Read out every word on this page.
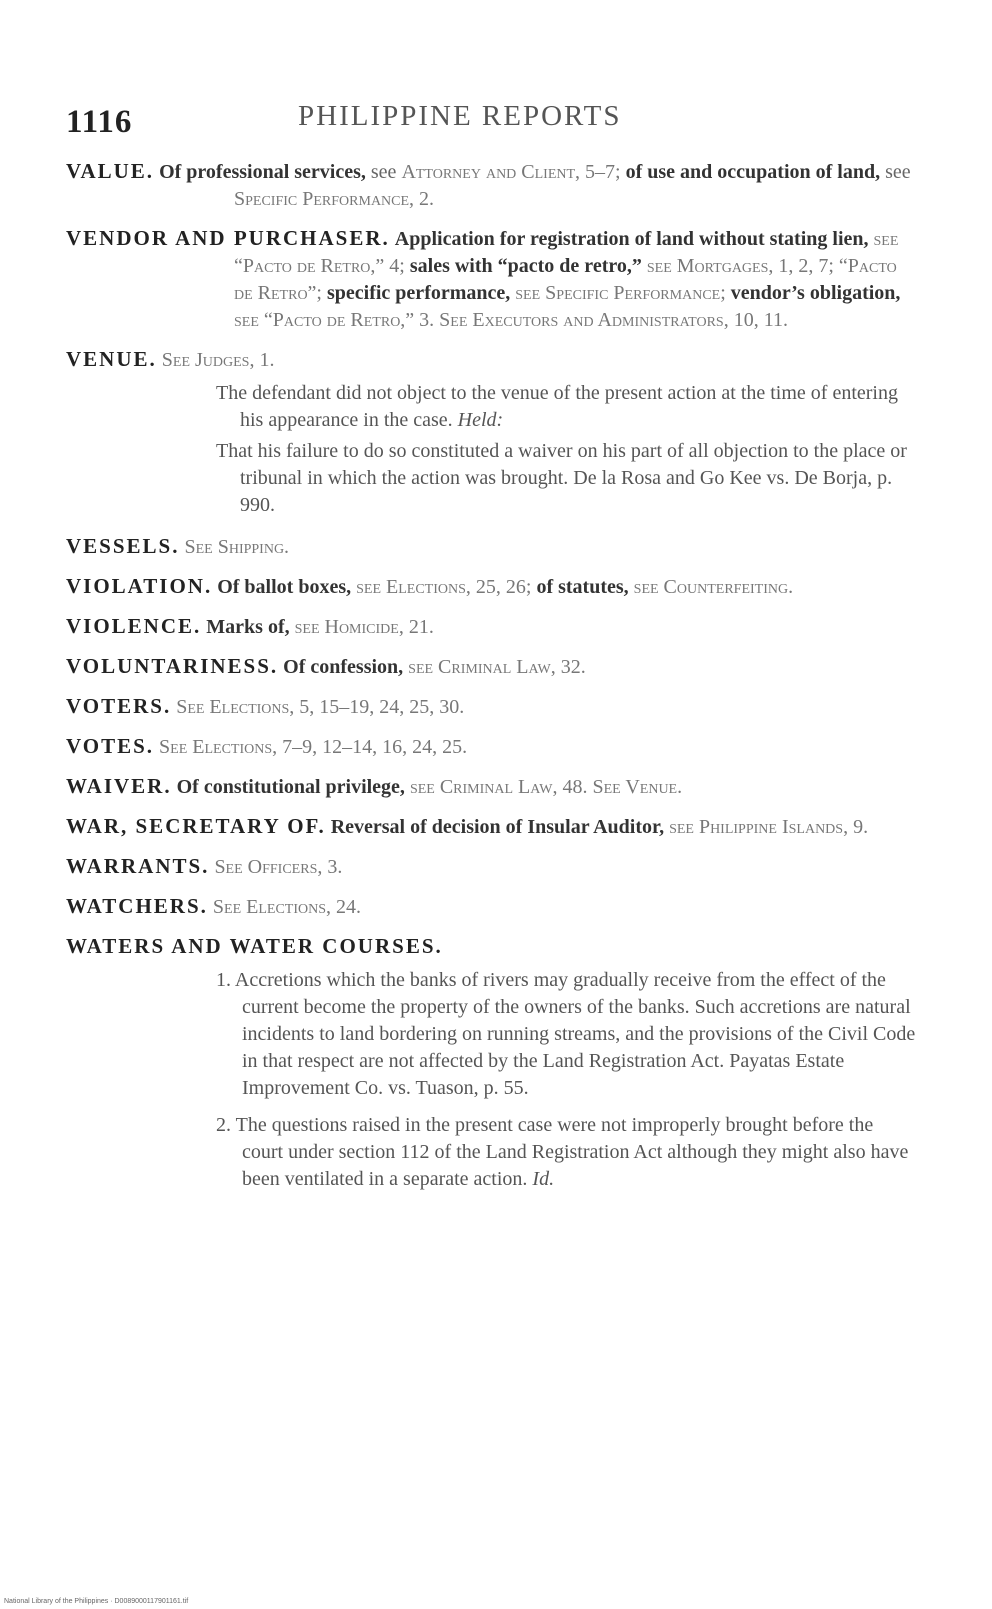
1116	PHILIPPINE REPORTS
VALUE. Of professional services, see Attorney and Client, 5–7; of use and occupation of land, see Specific Performance, 2.
VENDOR AND PURCHASER. Application for registration of land without stating lien, see “Pacto de Retro,” 4; sales with “pacto de retro,” see Mortgages, 1, 2, 7; “Pacto de Retro”; specific performance, see Specific Performance; vendor’s obligation, see “Pacto de Retro,” 3. See Executors and Administrators, 10, 11.
VENUE. See Judges, 1.
The defendant did not object to the venue of the present action at the time of entering his appearance in the case. Held:
That his failure to do so constituted a waiver on his part of all objection to the place or tribunal in which the action was brought. De la Rosa and Go Kee vs. De Borja, p. 990.
VESSELS. See Shipping.
VIOLATION. Of ballot boxes, see Elections, 25, 26; of statutes, see Counterfeiting.
VIOLENCE. Marks of, see Homicide, 21.
VOLUNTARINESS. Of confession, see Criminal Law, 32.
VOTERS. See Elections, 5, 15–19, 24, 25, 30.
VOTES. See Elections, 7–9, 12–14, 16, 24, 25.
WAIVER. Of constitutional privilege, see Criminal Law, 48. See Venue.
WAR, SECRETARY OF. Reversal of decision of Insular Auditor, see Philippine Islands, 9.
WARRANTS. See Officers, 3.
WATCHERS. See Elections, 24.
WATERS AND WATER COURSES.
1. Accretions which the banks of rivers may gradually receive from the effect of the current become the property of the owners of the banks. Such accretions are natural incidents to land bordering on running streams, and the provisions of the Civil Code in that respect are not affected by the Land Registration Act. Payatas Estate Improvement Co. vs. Tuason, p. 55.
2. The questions raised in the present case were not improperly brought before the court under section 112 of the Land Registration Act although they might also have been ventilated in a separate action. Id.
National Library of the Philippines · D0089000117901161.tif
